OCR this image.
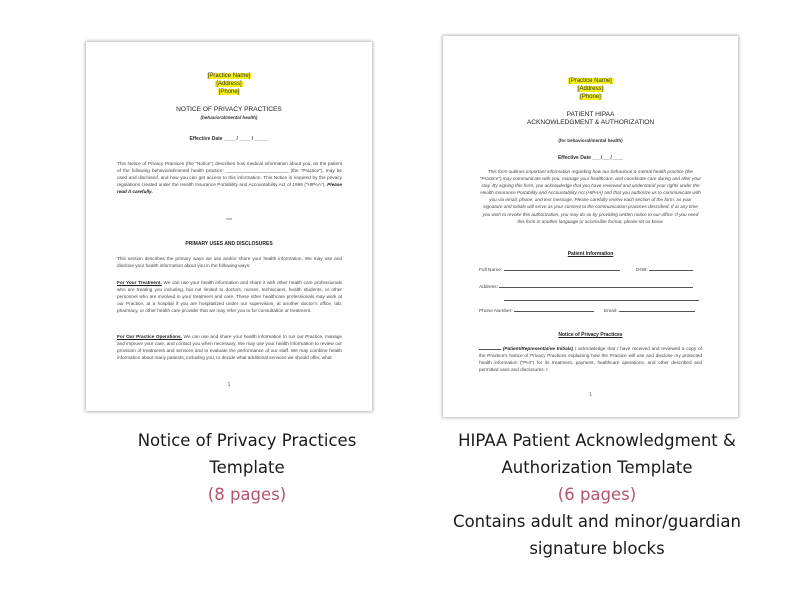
[Practice Name]
[Address]
[Phone]
NOTICE OF PRIVACY PRACTICES
(behavioral/mental health)
Effective Date ____ / ____ / _____

This Notice of Privacy Practices (the “Notice”) describes how medical information about you, as the patient of the following behavioral/mental health practice: ________________________ (the “Practice”), may be used and disclosed, and how you can get access to this information. This Notice is required by the privacy regulations created under the Health Insurance Portability and Accountability Act of 1996 (“HIPAA”). Please read it carefully.

***
PRIMARY USES AND DISCLOSURES

This section describes the primary ways we use and/or share your health information. We may use and disclose your health information about you in the following ways:

For Your Treatment. We can use your health information and share it with other health care professionals who are treating you including, but not limited to doctors, nurses, technicians, health students, or other personnel who are involved in your treatment and care. These other healthcare professionals may work at our Practice, at a hospital if you are hospitalized under our supervision, at another doctor’s office, lab, pharmacy, or other health care provider that we may refer you to for consultation or treatment.

For Our Practice Operations. We can use and share your health information to run our Practice, manage and improve your care, and contact you when necessary. We may use your health information to review our provision of treatments and services and to evaluate the performance of our staff. We may combine health information about many patients, including you, to decide what additional services we should offer, what

1
[Practice Name]
[Address]
[Phone]
PATIENT HIPAA
ACKNOWLEDGMENT & AUTHORIZATION
(for behavioral/mental health)
Effective Date ___/___/____

This form outlines important information regarding how our behavioral & mental health practice (the “Practice”) may communicate with you, manage your healthcare, and coordinate care during and after your stay. By signing this form, you acknowledge that you have reviewed and understand your rights under the Health Insurance Portability and Accountability Act (HIPAA) and that you authorize us to communicate with you via email, phone, and text message. Please carefully review each section of the form, as your signature and initials will serve as your consent to the communication practices described. If at any time you wish to revoke this authorization, you may do so by providing written notice to our office. If you need this form in another language or accessible format, please let us know.

Patient Information
Full Name:	DOB:
Address:
Phone Number:	Email:
Notice of Privacy Practices

(Patient/Representative Initials) I acknowledge that I have received and reviewed a copy of the Practice’s Notice of Privacy Practices explaining how the Practice will use and disclose my protected health information (“PHI”) for its treatment, payment, healthcare operations, and other described and permitted uses and disclosures. I

1
Notice of Privacy Practices
Template
(8 pages)
HIPAA Patient Acknowledgment &
Authorization Template
(6 pages)
Contains adult and minor/guardian
signature blocks
